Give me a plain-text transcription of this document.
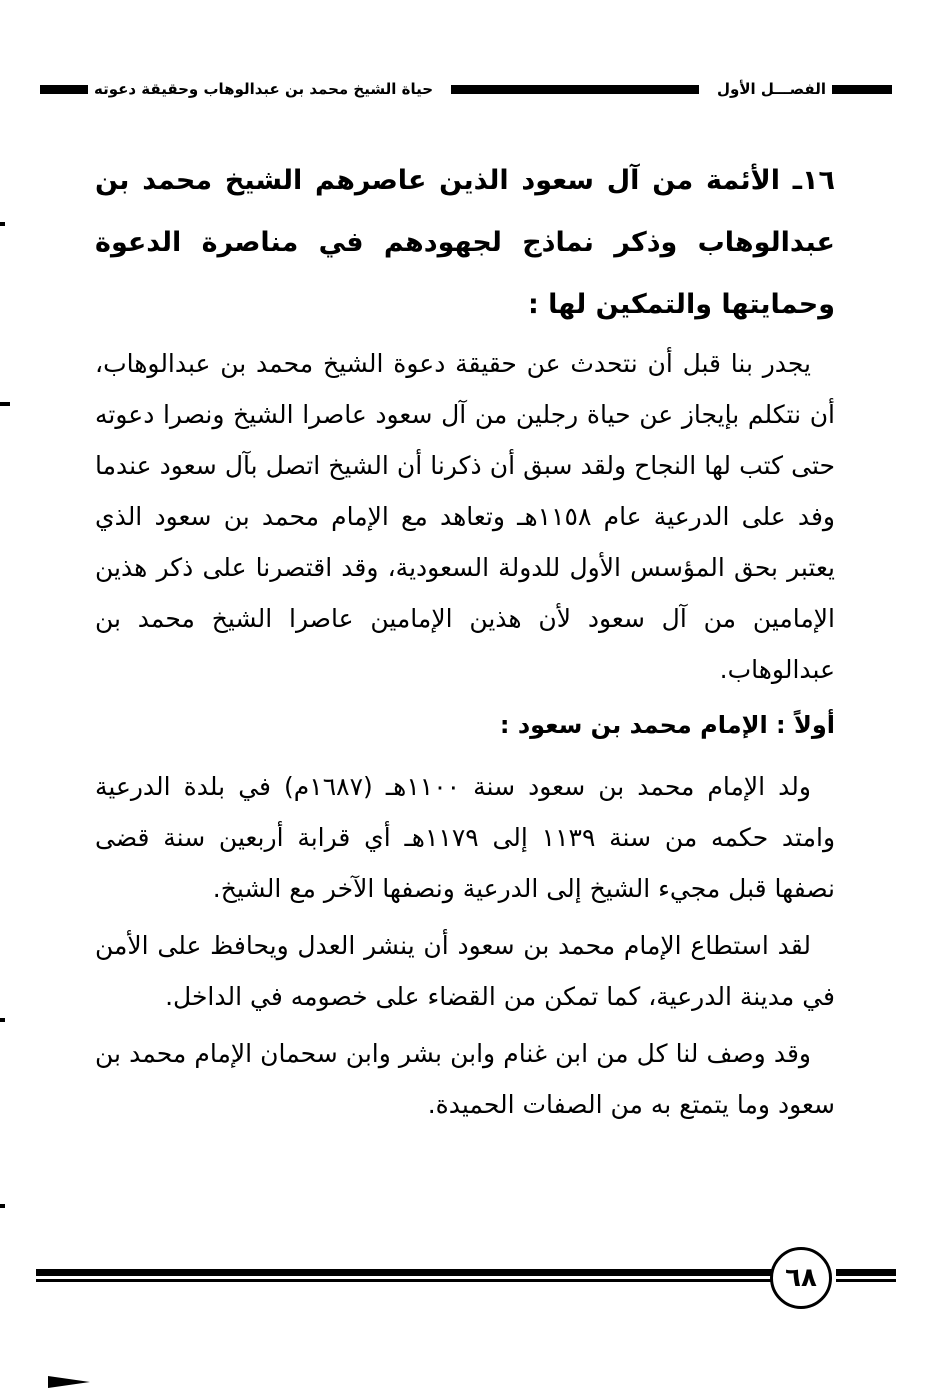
الفصـــل الأول
حياة الشيخ محمد بن عبدالوهاب وحقيقة دعوته

١٦ـ الأئمة من آل سعود الذين عاصرهم الشيخ محمد بن عبدالوهاب وذكر نماذج لجهودهم في مناصرة الدعوة وحمايتها والتمكين لها :

يجدر بنا قبل أن نتحدث عن حقيقة دعوة الشيخ محمد بن عبدالوهاب، أن نتكلم بإيجاز عن حياة رجلين من آل سعود عاصرا الشيخ ونصرا دعوته حتى كتب لها النجاح ولقد سبق أن ذكرنا أن الشيخ اتصل بآل سعود عندما وفد على الدرعية عام ١١٥٨هـ وتعاهد مع الإمام محمد بن سعود الذي يعتبر بحق المؤسس الأول للدولة السعودية، وقد اقتصرنا على ذكر هذين الإمامين من آل سعود لأن هذين الإمامين عاصرا الشيخ محمد بن عبدالوهاب.

أولاً : الإمام محمد بن سعود :

ولد الإمام محمد بن سعود سنة ١١٠٠هـ (١٦٨٧م) في بلدة الدرعية وامتد حكمه من سنة ١١٣٩ إلى ١١٧٩هـ أي قرابة أربعين سنة قضى نصفها قبل مجيء الشيخ إلى الدرعية ونصفها الآخر مع الشيخ.

لقد استطاع الإمام محمد بن سعود أن ينشر العدل ويحافظ على الأمن في مدينة الدرعية، كما تمكن من القضاء على خصومه في الداخل.

وقد وصف لنا كل من ابن غنام وابن بشر وابن سحمان الإمام محمد بن سعود وما يتمتع به من الصفات الحميدة.

٦٨
